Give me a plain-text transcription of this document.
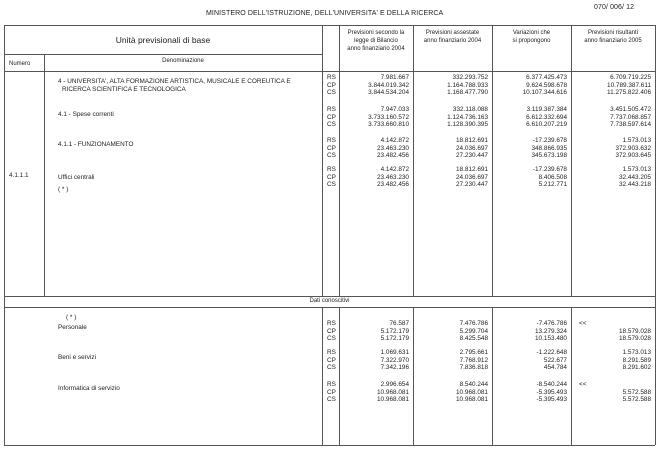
MINISTERO DELL'ISTRUZIONE, DELL'UNIVERSITA' E DELLA RICERCA
070/ 006/ 12
Unità previsionali di base
Numero	Denominazione
Previsioni secondo la
legge di Bilancio
anno finanziario 2004
Previsioni assestate
anno finanziario 2004
Variazioni che
si propongono
Previsioni risultanti
anno finanziario 2005
4 - UNIVERSITA', ALTA FORMAZIONE ARTISTICA, MUSICALE E COREUTICA E
RICERCA SCIENTIFICA E TECNOLOGICA
RS
CP
CS
7.981.667
3.844.019.342
3.844.534.204
332.293.752
1.164.788.933
1.168.477.790
6.377.425.473
9.624.598.678
10.107.344.616
6.709.719.225
10.789.387.611
11.275.822.406
4.1 - Spese correnti
RS
CP
CS
7.947.033
3.733.160.572
3.733.660.810
332.118.088
1.124.736.163
1.128.390.395
3.119.387.384
6.612.332.694
6.610.207.219
3.451.505.472
7.737.068.857
7.738.597.614
4.1.1 - FUNZIONAMENTO
RS
CP
CS
4.142.872
23.463.230
23.482.456
18.812.691
24.036.697
27.230.447
-17.239.678
348.866.935
345.673.198
1.573.013
372.903.632
372.903.645
4.1.1.1	Uffici centrali
( * )
RS
CP
CS
4.142.872
23.463.230
23.482.456
18.812.691
24.036.697
27.230.447
-17.239.678
8.406.508
5.212.771
1.573.013
32.443.205
32.443.218
Dati conoscitivi
( * )
Personale
RS
CP
CS
76.587
5.172.179
5.172.179
7.476.786
5.299.704
8.425.548
-7.476.786
13.279.324
10.153.480
<<
18.579.028
18.579.028
Beni e servizi
RS
CP
CS
1.069.631
7.322.970
7.342.196
2.795.661
7.768.912
7.836.818
-1.222.648
522.677
454.784
1.573.013
8.291.589
8.291.602
Informatica di servizio
RS
CP
CS
2.996.654
10.968.081
10.968.081
8.540.244
10.968.081
10.968.081
-8.540.244
-5.395.493
-5.395.493
<<
5.572.588
5.572.588
